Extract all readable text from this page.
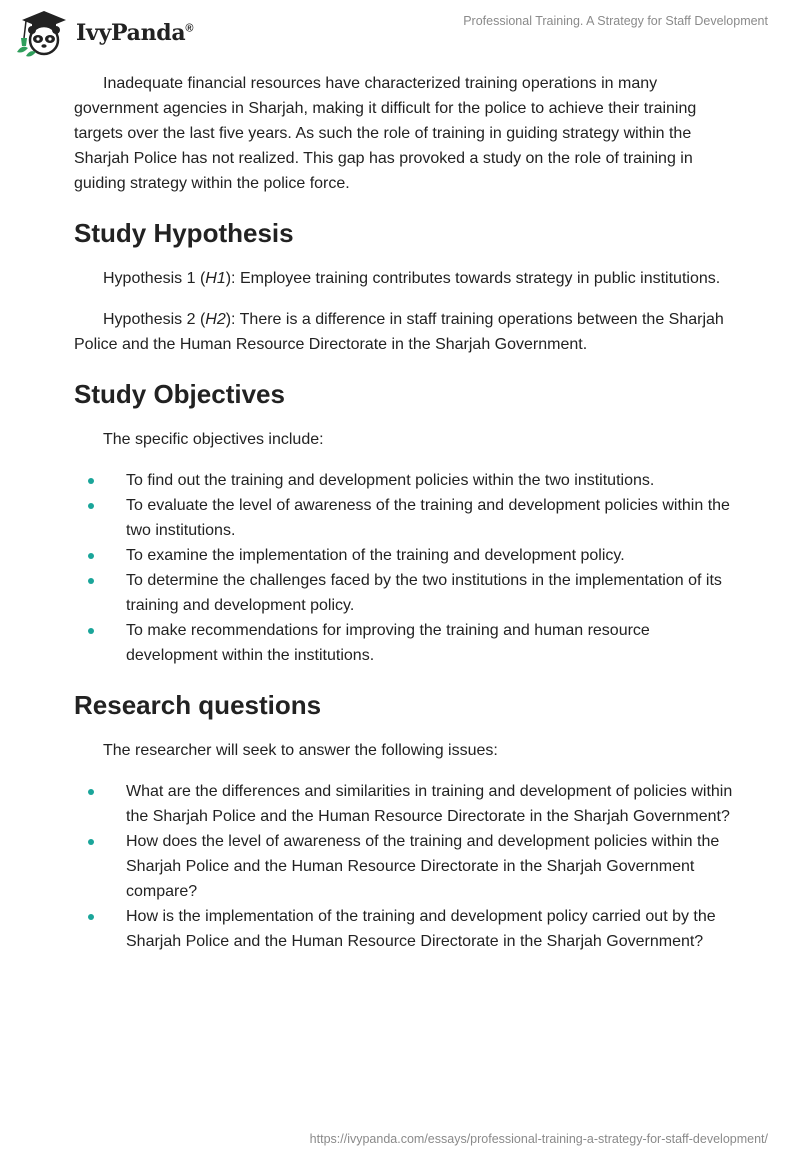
IvyPanda®
Professional Training. A Strategy for Staff Development

Inadequate financial resources have characterized training operations in many government agencies in Sharjah, making it difficult for the police to achieve their training targets over the last five years. As such the role of training in guiding strategy within the Sharjah Police has not realized. This gap has provoked a study on the role of training in guiding strategy within the police force.

Study Hypothesis

Hypothesis 1 (H1): Employee training contributes towards strategy in public institutions.

Hypothesis 2 (H2): There is a difference in staff training operations between the Sharjah Police and the Human Resource Directorate in the Sharjah Government.

Study Objectives

The specific objectives include:

To find out the training and development policies within the two institutions.
To evaluate the level of awareness of the training and development policies within the two institutions.
To examine the implementation of the training and development policy.
To determine the challenges faced by the two institutions in the implementation of its training and development policy.
To make recommendations for improving the training and human resource development within the institutions.
Research questions

The researcher will seek to answer the following issues:

What are the differences and similarities in training and development of policies within the Sharjah Police and the Human Resource Directorate in the Sharjah Government?
How does the level of awareness of the training and development policies within the Sharjah Police and the Human Resource Directorate in the Sharjah Government compare?
How is the implementation of the training and development policy carried out by the Sharjah Police and the Human Resource Directorate in the Sharjah Government?
https://ivypanda.com/essays/professional-training-a-strategy-for-staff-development/
